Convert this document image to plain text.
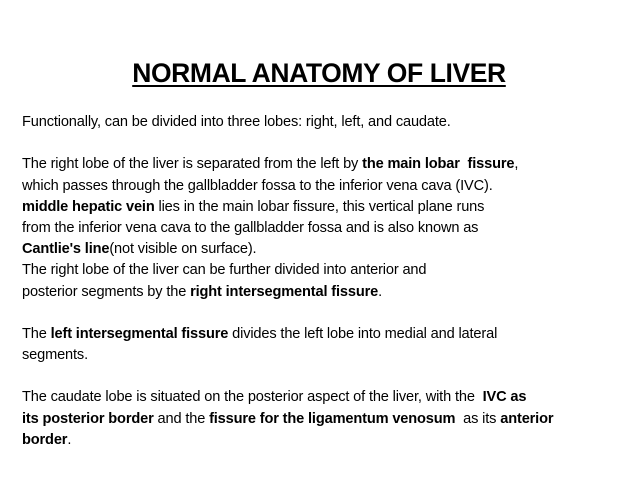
NORMAL ANATOMY OF LIVER
Functionally, can be divided into three lobes: right, left, and caudate.
The right lobe of the liver is separated from the left by the main lobar  fissure,
which passes through the gallbladder fossa to the inferior vena cava (IVC).
middle hepatic vein lies in the main lobar fissure, this vertical plane runs
from the inferior vena cava to the gallbladder fossa and is also known as
Cantlie's line(not visible on surface).
The right lobe of the liver can be further divided into anterior and
posterior segments by the right intersegmental fissure.
The left intersegmental fissure divides the left lobe into medial and lateral
segments.
The caudate lobe is situated on the posterior aspect of the liver, with the  IVC as
its posterior border and the fissure for the ligamentum venosum  as its anterior
border.
